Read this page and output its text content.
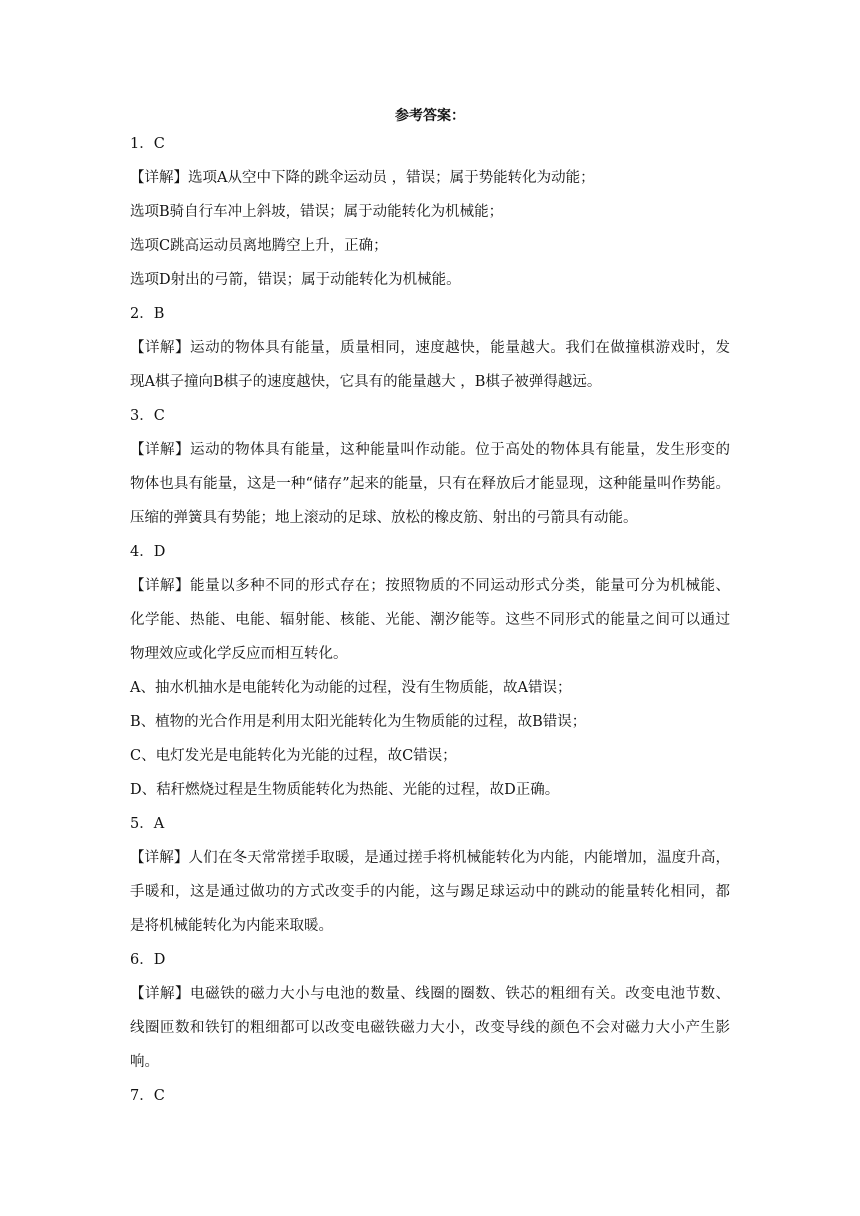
参考答案：
1．C
【详解】选项A从空中下降的跳伞运动员 ，错误；属于势能转化为动能；
选项B骑自行车冲上斜坡，错误；属于动能转化为机械能；
选项C跳高运动员离地腾空上升，正确；
选项D射出的弓箭，错误；属于动能转化为机械能。
2．B
【详解】运动的物体具有能量，质量相同，速度越快，能量越大。我们在做撞棋游戏时，发
现A棋子撞向B棋子的速度越快，它具有的能量越大 ，B棋子被弹得越远。
3．C
【详解】运动的物体具有能量，这种能量叫作动能。位于高处的物体具有能量，发生形变的
物体也具有能量，这是一种“储存”起来的能量，只有在释放后才能显现，这种能量叫作势能。
压缩的弹簧具有势能；地上滚动的足球、放松的橡皮筋、射出的弓箭具有动能。
4．D
【详解】能量以多种不同的形式存在；按照物质的不同运动形式分类，能量可分为机械能、
化学能、热能、电能、辐射能、核能、光能、潮汐能等。这些不同形式的能量之间可以通过
物理效应或化学反应而相互转化。
A、抽水机抽水是电能转化为动能的过程，没有生物质能，故A错误；
B、植物的光合作用是利用太阳光能转化为生物质能的过程，故B错误；
C、电灯发光是电能转化为光能的过程，故C错误；
D、秸秆燃烧过程是生物质能转化为热能、光能的过程，故D正确。
5．A
【详解】人们在冬天常常搓手取暖，是通过搓手将机械能转化为内能，内能增加，温度升高，
手暖和，这是通过做功的方式改变手的内能，这与踢足球运动中的跳动的能量转化相同，都
是将机械能转化为内能来取暖。
6．D
【详解】电磁铁的磁力大小与电池的数量、线圈的圈数、铁芯的粗细有关。改变电池节数、
线圈匝数和铁钉的粗细都可以改变电磁铁磁力大小，改变导线的颜色不会对磁力大小产生影
响。
7．C
